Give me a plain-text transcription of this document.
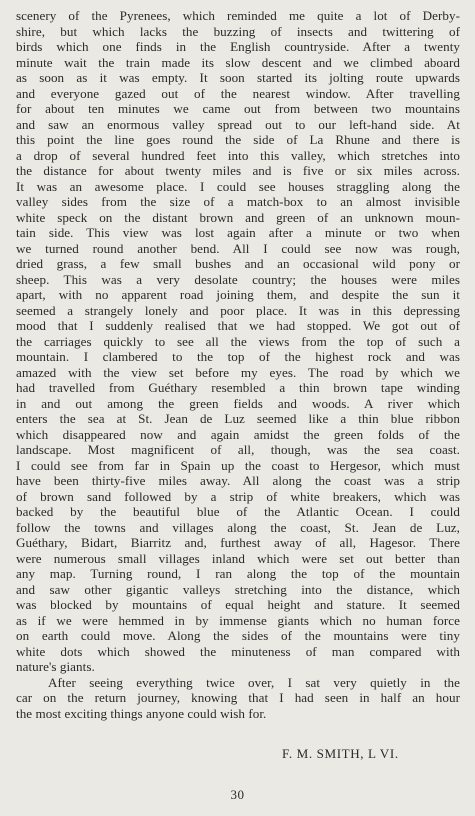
scenery of the Pyrenees, which reminded me quite a lot of Derby-
shire, but which lacks the buzzing of insects and twittering of
birds which one finds in the English countryside. After a twenty
minute wait the train made its slow descent and we climbed aboard
as soon as it was empty. It soon started its jolting route upwards
and everyone gazed out of the nearest window. After travelling
for about ten minutes we came out from between two mountains
and saw an enormous valley spread out to our left-hand side. At
this point the line goes round the side of La Rhune and there is
a drop of several hundred feet into this valley, which stretches into
the distance for about twenty miles and is five or six miles across.
It was an awesome place. I could see houses straggling along the
valley sides from the size of a match-box to an almost invisible
white speck on the distant brown and green of an unknown moun-
tain side. This view was lost again after a minute or two when
we turned round another bend. All I could see now was rough,
dried grass, a few small bushes and an occasional wild pony or
sheep. This was a very desolate country; the houses were miles
apart, with no apparent road joining them, and despite the sun it
seemed a strangely lonely and poor place. It was in this depressing
mood that I suddenly realised that we had stopped. We got out of
the carriages quickly to see all the views from the top of such a
mountain. I clambered to the top of the highest rock and was
amazed with the view set before my eyes. The road by which we
had travelled from Guéthary resembled a thin brown tape winding
in and out among the green fields and woods. A river which
enters the sea at St. Jean de Luz seemed like a thin blue ribbon
which disappeared now and again amidst the green folds of the
landscape. Most magnificent of all, though, was the sea coast.
I could see from far in Spain up the coast to Hergesor, which must
have been thirty-five miles away. All along the coast was a strip
of brown sand followed by a strip of white breakers, which was
backed by the beautiful blue of the Atlantic Ocean. I could
follow the towns and villages along the coast, St. Jean de Luz,
Guéthary, Bidart, Biarritz and, furthest away of all, Hagesor. There
were numerous small villages inland which were set out better than
any map. Turning round, I ran along the top of the mountain
and saw other gigantic valleys stretching into the distance, which
was blocked by mountains of equal height and stature. It seemed
as if we were hemmed in by immense giants which no human force
on earth could move. Along the sides of the mountains were tiny
white dots which showed the minuteness of man compared with
nature's giants.
After seeing everything twice over, I sat very quietly in the
car on the return journey, knowing that I had seen in half an hour
the most exciting things anyone could wish for.
F. M. SMITH, L VI.
30
